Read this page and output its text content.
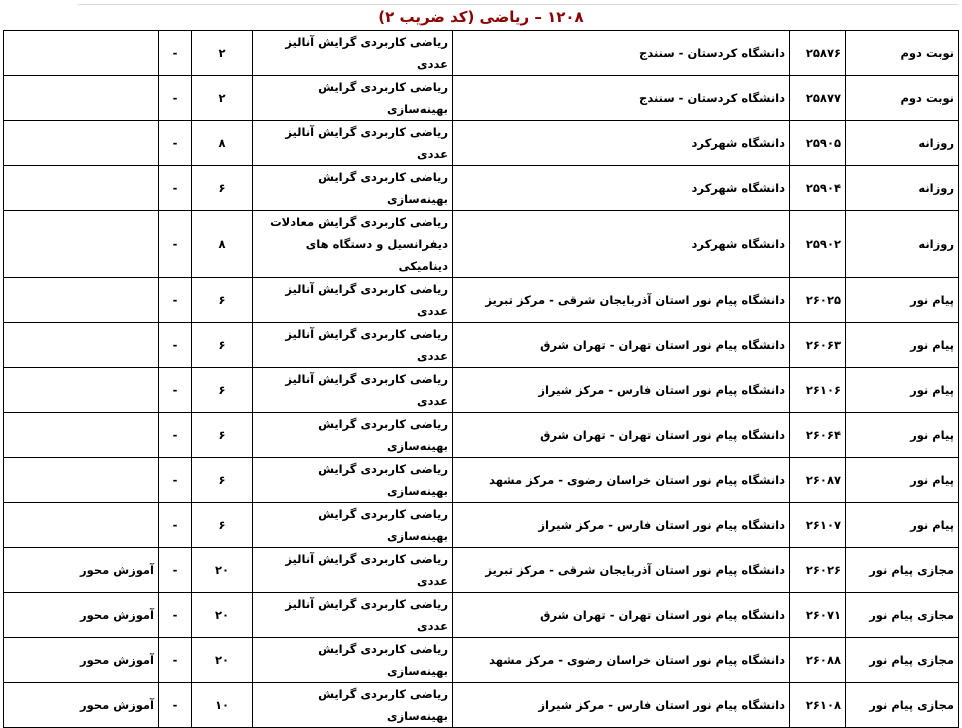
۱۲۰۸ – ریاضی (کد ضریب ۲)
نوبت دوم	۲۵۸۷۶	دانشگاه کردستان - سنندج	ریاضی کاربردی گرایش آنالیز عددی	۲	-	
نوبت دوم	۲۵۸۷۷	دانشگاه کردستان - سنندج	ریاضی کاربردی گرایش بهینه‌سازی	۲	-	
روزانه	۲۵۹۰۵	دانشگاه شهرکرد	ریاضی کاربردی گرایش آنالیز عددی	۸	-	
روزانه	۲۵۹۰۴	دانشگاه شهرکرد	ریاضی کاربردی گرایش بهینه‌سازی	۶	-	
روزانه	۲۵۹۰۲	دانشگاه شهرکرد	ریاضی کاربردی گرایش معادلات دیفرانسیل و دستگاه های دینامیکی	۸	-	
پیام نور	۲۶۰۲۵	دانشگاه پیام نور استان آذربایجان شرقی - مرکز تبریز	ریاضی کاربردی گرایش آنالیز عددی	۶	-	
پیام نور	۲۶۰۶۳	دانشگاه پیام نور استان تهران - تهران شرق	ریاضی کاربردی گرایش آنالیز عددی	۶	-	
پیام نور	۲۶۱۰۶	دانشگاه پیام نور استان فارس - مرکز شیراز	ریاضی کاربردی گرایش آنالیز عددی	۶	-	
پیام نور	۲۶۰۶۴	دانشگاه پیام نور استان تهران - تهران شرق	ریاضی کاربردی گرایش بهینه‌سازی	۶	-	
پیام نور	۲۶۰۸۷	دانشگاه پیام نور استان خراسان رضوی - مرکز مشهد	ریاضی کاربردی گرایش بهینه‌سازی	۶	-	
پیام نور	۲۶۱۰۷	دانشگاه پیام نور استان فارس - مرکز شیراز	ریاضی کاربردی گرایش بهینه‌سازی	۶	-	
مجازی پیام نور	۲۶۰۲۶	دانشگاه پیام نور استان آذربایجان شرقی - مرکز تبریز	ریاضی کاربردی گرایش آنالیز عددی	۲۰	-	آموزش محور
مجازی پیام نور	۲۶۰۷۱	دانشگاه پیام نور استان تهران - تهران شرق	ریاضی کاربردی گرایش آنالیز عددی	۲۰	-	آموزش محور
مجازی پیام نور	۲۶۰۸۸	دانشگاه پیام نور استان خراسان رضوی - مرکز مشهد	ریاضی کاربردی گرایش بهینه‌سازی	۲۰	-	آموزش محور
مجازی پیام نور	۲۶۱۰۸	دانشگاه پیام نور استان فارس - مرکز شیراز	ریاضی کاربردی گرایش بهینه‌سازی	۱۰	-	آموزش محور
